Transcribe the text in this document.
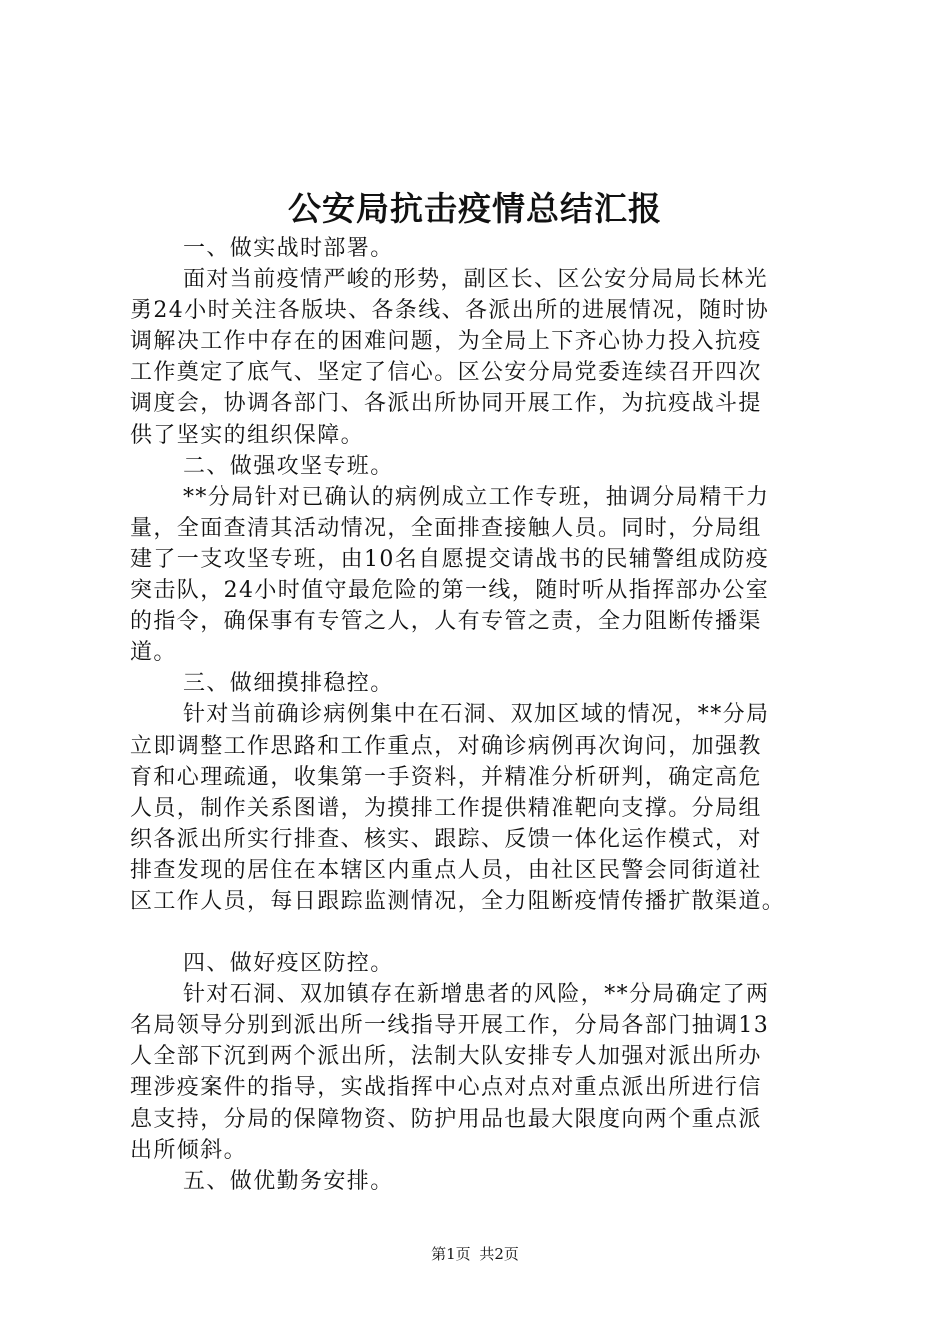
公安局抗击疫情总结汇报
一、做实战时部署。
面对当前疫情严峻的形势，副区长、区公安分局局长林光
勇24小时关注各版块、各条线、各派出所的进展情况，随时协
调解决工作中存在的困难问题，为全局上下齐心协力投入抗疫
工作奠定了底气、坚定了信心。区公安分局党委连续召开四次
调度会，协调各部门、各派出所协同开展工作，为抗疫战斗提
供了坚实的组织保障。
二、做强攻坚专班。
**分局针对已确认的病例成立工作专班，抽调分局精干力
量，全面查清其活动情况，全面排查接触人员。同时，分局组
建了一支攻坚专班，由10名自愿提交请战书的民辅警组成防疫
突击队，24小时值守最危险的第一线，随时听从指挥部办公室
的指令，确保事有专管之人，人有专管之责，全力阻断传播渠
道。
三、做细摸排稳控。
针对当前确诊病例集中在石洞、双加区域的情况，**分局
立即调整工作思路和工作重点，对确诊病例再次询问，加强教
育和心理疏通，收集第一手资料，并精准分析研判，确定高危
人员，制作关系图谱，为摸排工作提供精准靶向支撑。分局组
织各派出所实行排查、核实、跟踪、反馈一体化运作模式，对
排查发现的居住在本辖区内重点人员，由社区民警会同街道社
区工作人员，每日跟踪监测情况，全力阻断疫情传播扩散渠道。
四、做好疫区防控。
针对石洞、双加镇存在新增患者的风险，**分局确定了两
名局领导分别到派出所一线指导开展工作，分局各部门抽调13
人全部下沉到两个派出所，法制大队安排专人加强对派出所办
理涉疫案件的指导，实战指挥中心点对点对重点派出所进行信
息支持，分局的保障物资、防护用品也最大限度向两个重点派
出所倾斜。
五、做优勤务安排。
第1页 共2页
